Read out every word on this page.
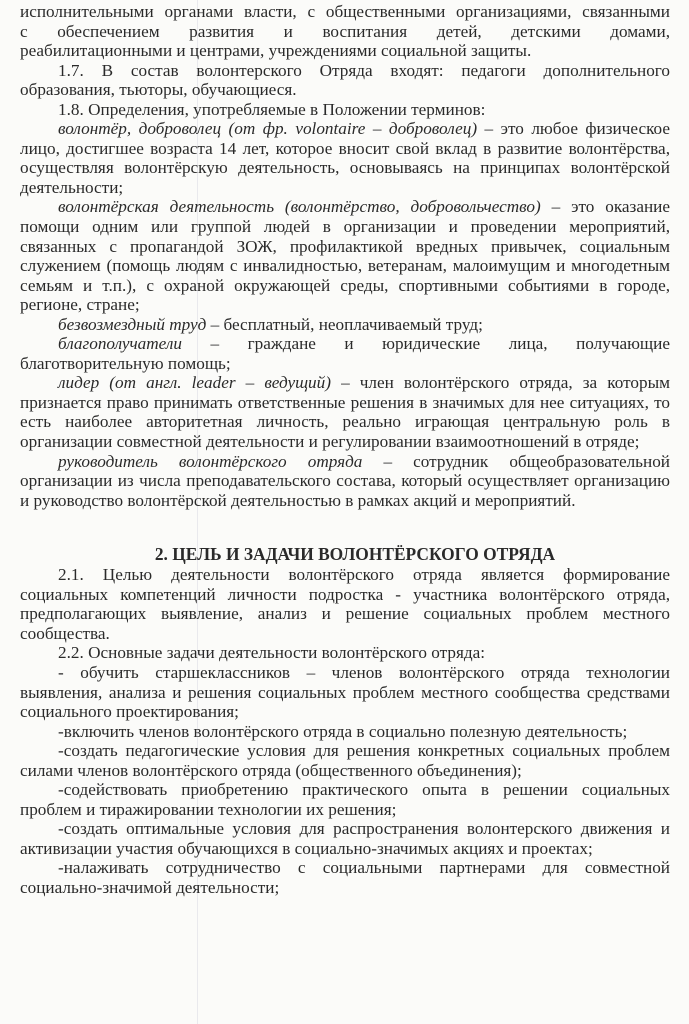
исполнительными органами власти, с общественными организациями, связанными

с обеспечением развития и воспитания детей, детскими домами,

реабилитационными и центрами, учреждениями социальной защиты.

1.7. В состав волонтерского Отряда входят: педагоги дополнительного образования, тьюторы, обучающиеся.

1.8. Определения, употребляемые в Положении терминов:

волонтёр, доброволец (от фр. volontaire – доброволец) – это любое физическое лицо, достигшее возраста 14 лет, которое вносит свой вклад в развитие волонтёрства, осуществляя волонтёрскую деятельность, основываясь на принципах волонтёрской деятельности;

волонтёрская деятельность (волонтёрство, добровольчество) – это оказание помощи одним или группой людей в организации и проведении мероприятий, связанных с пропагандой ЗОЖ, профилактикой вредных привычек, социальным служением (помощь людям с инвалидностью, ветеранам, малоимущим и многодетным семьям и т.п.), с охраной окружающей среды, спортивными событиями в городе, регионе, стране;

безвозмездный труд – бесплатный, неоплачиваемый труд;

благополучатели – граждане и юридические лица, получающие благотворительную помощь;

лидер (от англ. leader – ведущий) – член волонтёрского отряда, за которым признается право принимать ответственные решения в значимых для нее ситуациях, то есть наиболее авторитетная личность, реально играющая центральную роль в организации совместной деятельности и регулировании взаимоотношений в отряде;

руководитель волонтёрского отряда – сотрудник общеобразовательной организации из числа преподавательского состава, который осуществляет организацию и руководство волонтёрской деятельностью в рамках акций и мероприятий.

2. ЦЕЛЬ И ЗАДАЧИ ВОЛОНТЁРСКОГО ОТРЯДА

2.1. Целью деятельности волонтёрского отряда является формирование социальных компетенций личности подростка - участника волонтёрского отряда, предполагающих выявление, анализ и решение социальных проблем местного сообщества.

2.2. Основные задачи деятельности волонтёрского отряда:

- обучить старшеклассников – членов волонтёрского отряда технологии выявления, анализа и решения социальных проблем местного сообщества средствами социального проектирования;

-включить членов волонтёрского отряда в социально полезную деятельность;

-создать педагогические условия для решения конкретных социальных проблем силами членов волонтёрского отряда (общественного объединения);

-содействовать приобретению практического опыта в решении социальных проблем и тиражировании технологии их решения;

-создать оптимальные условия для распространения волонтерского движения и активизации участия обучающихся в социально-значимых акциях и проектах;

-налаживать сотрудничество с социальными партнерами для совместной социально-значимой деятельности;
